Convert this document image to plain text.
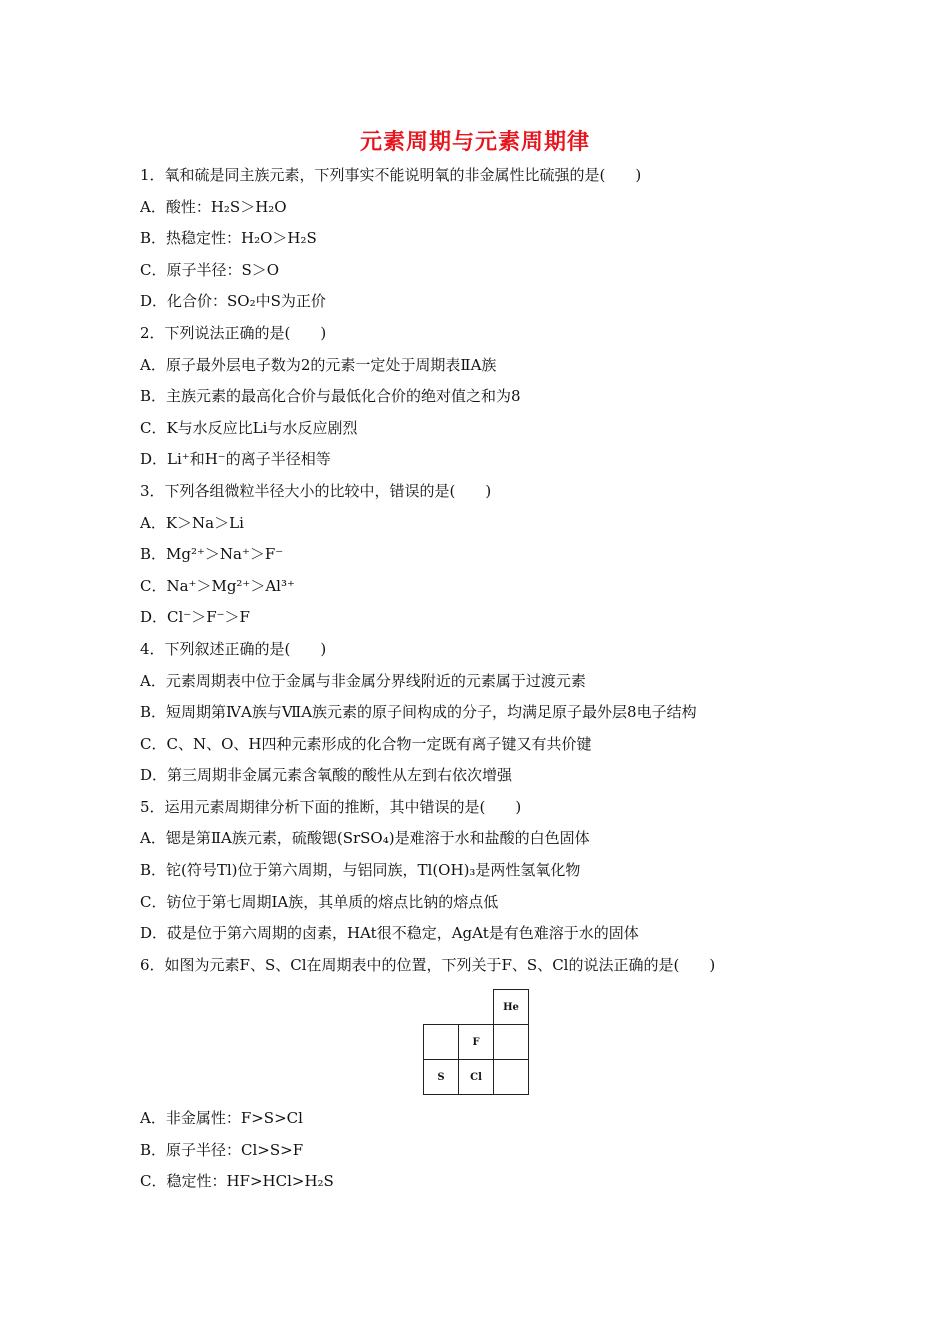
元素周期与元素周期律
1．氧和硫是同主族元素，下列事实不能说明氧的非金属性比硫强的是(　　)
A．酸性：H₂S＞H₂O
B．热稳定性：H₂O＞H₂S
C．原子半径：S＞O
D．化合价：SO₂中S为正价
2．下列说法正确的是(　　)
A．原子最外层电子数为2的元素一定处于周期表ⅡA族
B．主族元素的最高化合价与最低化合价的绝对值之和为8
C．K与水反应比Li与水反应剧烈
D．Li⁺和H⁻的离子半径相等
3．下列各组微粒半径大小的比较中，错误的是(　　)
A．K＞Na＞Li
B．Mg²⁺＞Na⁺＞F⁻
C．Na⁺＞Mg²⁺＞Al³⁺
D．Cl⁻＞F⁻＞F
4．下列叙述正确的是(　　)
A．元素周期表中位于金属与非金属分界线附近的元素属于过渡元素
B．短周期第ⅣA族与ⅦA族元素的原子间构成的分子，均满足原子最外层8电子结构
C．C、N、O、H四种元素形成的化合物一定既有离子键又有共价键
D．第三周期非金属元素含氧酸的酸性从左到右依次增强
5．运用元素周期律分析下面的推断，其中错误的是(　　)
A．锶是第ⅡA族元素，硫酸锶(SrSO₄)是难溶于水和盐酸的白色固体
B．铊(符号Tl)位于第六周期，与铝同族，Tl(OH)₃是两性氢氧化物
C．钫位于第七周期ⅠA族，其单质的熔点比钠的熔点低
D．砹是位于第六周期的卤素，HAt很不稳定，AgAt是有色难溶于水的固体
6．如图为元素F、S、Cl在周期表中的位置，下列关于F、S、Cl的说法正确的是(　　)
		He
	F	
S	Cl	
A．非金属性：F>S>Cl
B．原子半径：Cl>S>F
C．稳定性：HF>HCl>H₂S
